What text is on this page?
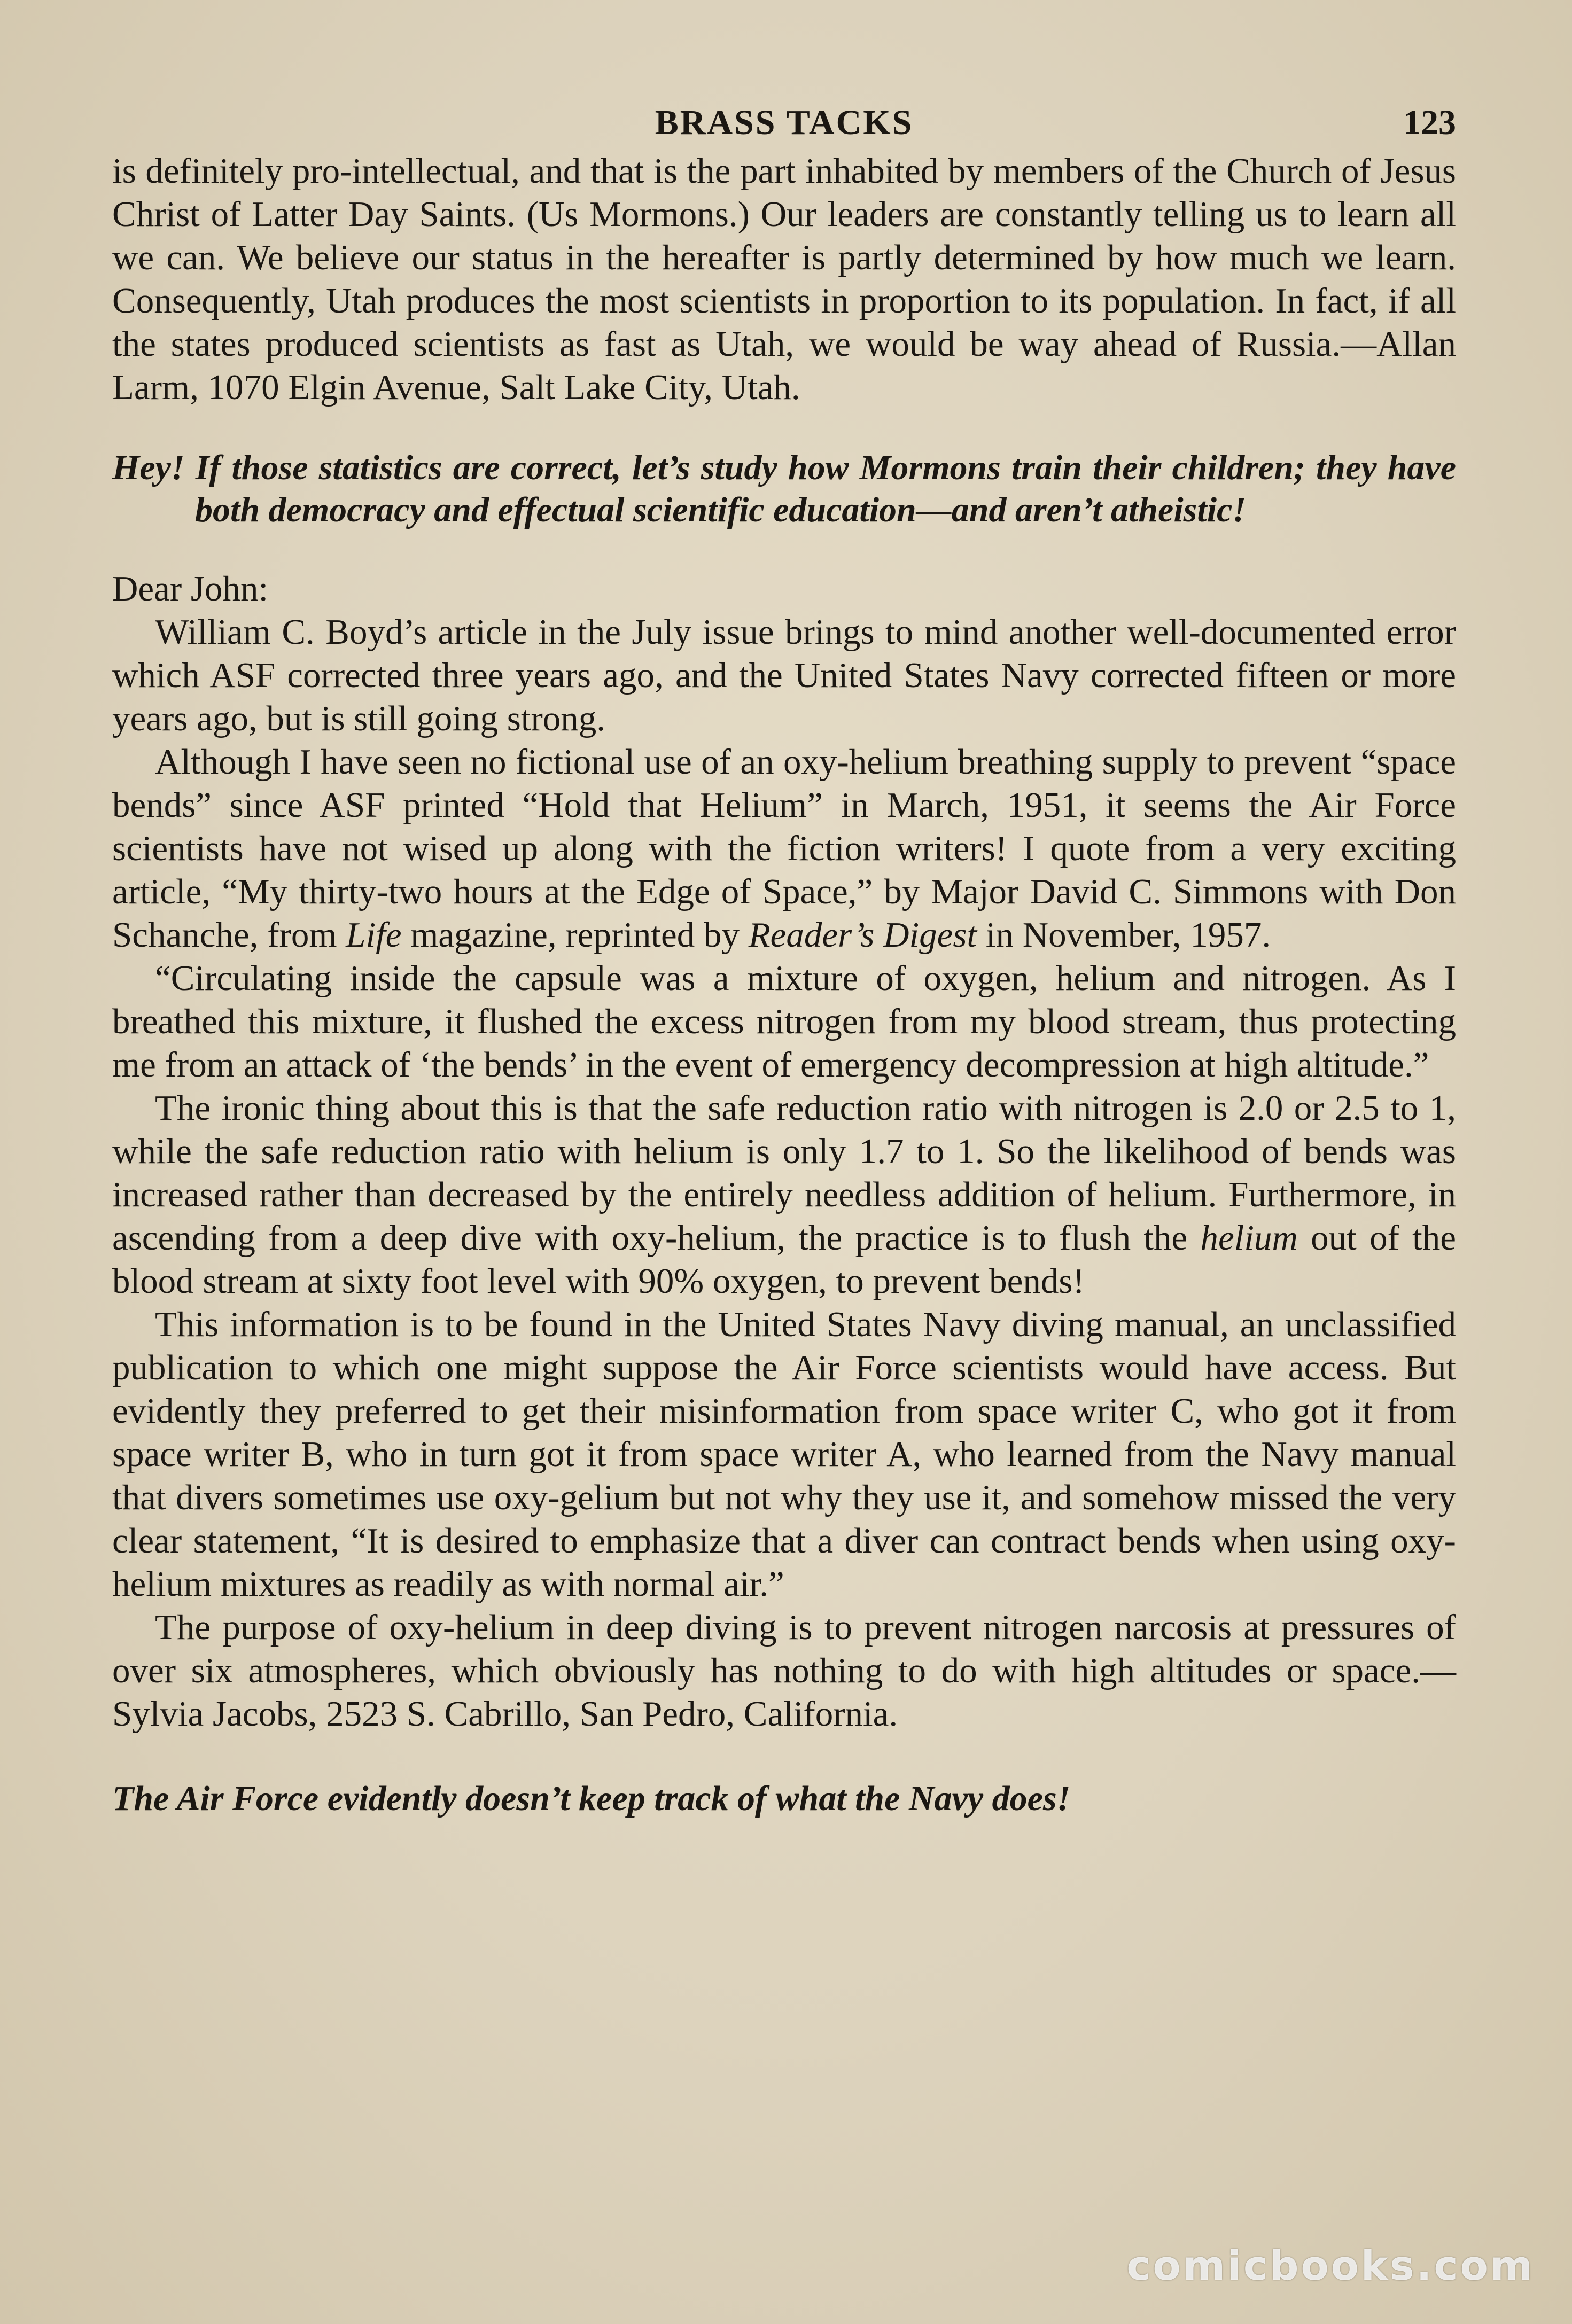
BRASS TACKS	123

is definitely pro-intellectual, and that is the part inhabited by members of the Church of Jesus Christ of Latter Day Saints. (Us Mormons.) Our leaders are constantly telling us to learn all we can. We believe our status in the hereafter is partly determined by how much we learn. Consequently, Utah produces the most scientists in proportion to its population. In fact, if all the states produced scientists as fast as Utah, we would be way ahead of Russia.—Allan Larm, 1070 Elgin Avenue, Salt Lake City, Utah.

Hey! If those statistics are correct, let’s study how Mormons train their children; they have both democracy and effectual scientific education—and aren’t atheistic!

Dear John:

William C. Boyd’s article in the July issue brings to mind another well-documented error which ASF corrected three years ago, and the United States Navy corrected fifteen or more years ago, but is still going strong.

Although I have seen no fictional use of an oxy-helium breathing supply to prevent “space bends” since ASF printed “Hold that Helium” in March, 1951, it seems the Air Force scientists have not wised up along with the fiction writers! I quote from a very exciting article, “My thirty-two hours at the Edge of Space,” by Major David C. Simmons with Don Schanche, from Life magazine, reprinted by Reader’s Digest in November, 1957.

“Circulating inside the capsule was a mixture of oxygen, helium and nitrogen. As I breathed this mixture, it flushed the excess nitrogen from my blood stream, thus protecting me from an attack of ‘the bends’ in the event of emergency decompression at high altitude.”

The ironic thing about this is that the safe reduction ratio with nitrogen is 2.0 or 2.5 to 1, while the safe reduction ratio with helium is only 1.7 to 1. So the likelihood of bends was increased rather than decreased by the entirely needless addition of helium. Furthermore, in ascending from a deep dive with oxy-helium, the practice is to flush the helium out of the blood stream at sixty foot level with 90% oxygen, to prevent bends!

This information is to be found in the United States Navy diving manual, an unclassified publication to which one might suppose the Air Force scientists would have access. But evidently they preferred to get their misinformation from space writer C, who got it from space writer B, who in turn got it from space writer A, who learned from the Navy manual that divers sometimes use oxy-gelium but not why they use it, and somehow missed the very clear statement, “It is desired to emphasize that a diver can contract bends when using oxy-helium mixtures as readily as with normal air.”

The purpose of oxy-helium in deep diving is to prevent nitrogen narcosis at pressures of over six atmospheres, which obviously has nothing to do with high altitudes or space.—Sylvia Jacobs, 2523 S. Cabrillo, San Pedro, California.

The Air Force evidently doesn’t keep track of what the Navy does!

comicbooks.com
